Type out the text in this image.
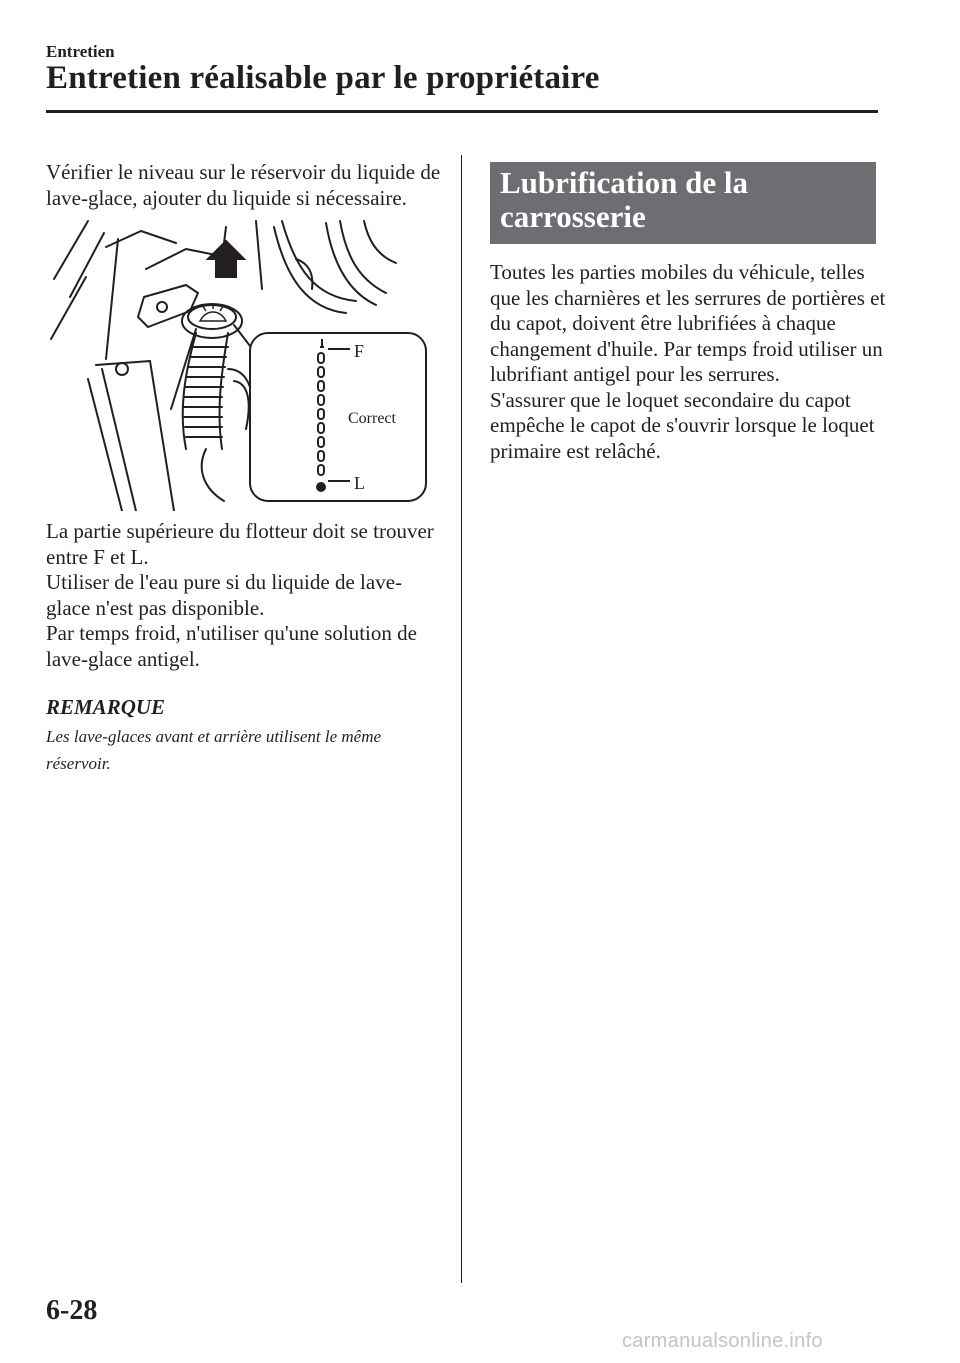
Entretien
Entretien réalisable par le propriétaire

Vérifier le niveau sur le réservoir du liquide de lave-glace, ajouter du liquide si nécessaire.

F
Correct
L

La partie supérieure du flotteur doit se trouver entre F et L.

Utiliser de l'eau pure si du liquide de lave-glace n'est pas disponible.

Par temps froid, n'utiliser qu'une solution de lave-glace antigel.

REMARQUE

Les lave-glaces avant et arrière utilisent le même réservoir.

Lubrification de la carrosserie

Toutes les parties mobiles du véhicule, telles que les charnières et les serrures de portières et du capot, doivent être lubrifiées à chaque changement d'huile. Par temps froid utiliser un lubrifiant antigel pour les serrures.

S'assurer que le loquet secondaire du capot empêche le capot de s'ouvrir lorsque le loquet primaire est relâché.

6-28
carmanualsonline.info
